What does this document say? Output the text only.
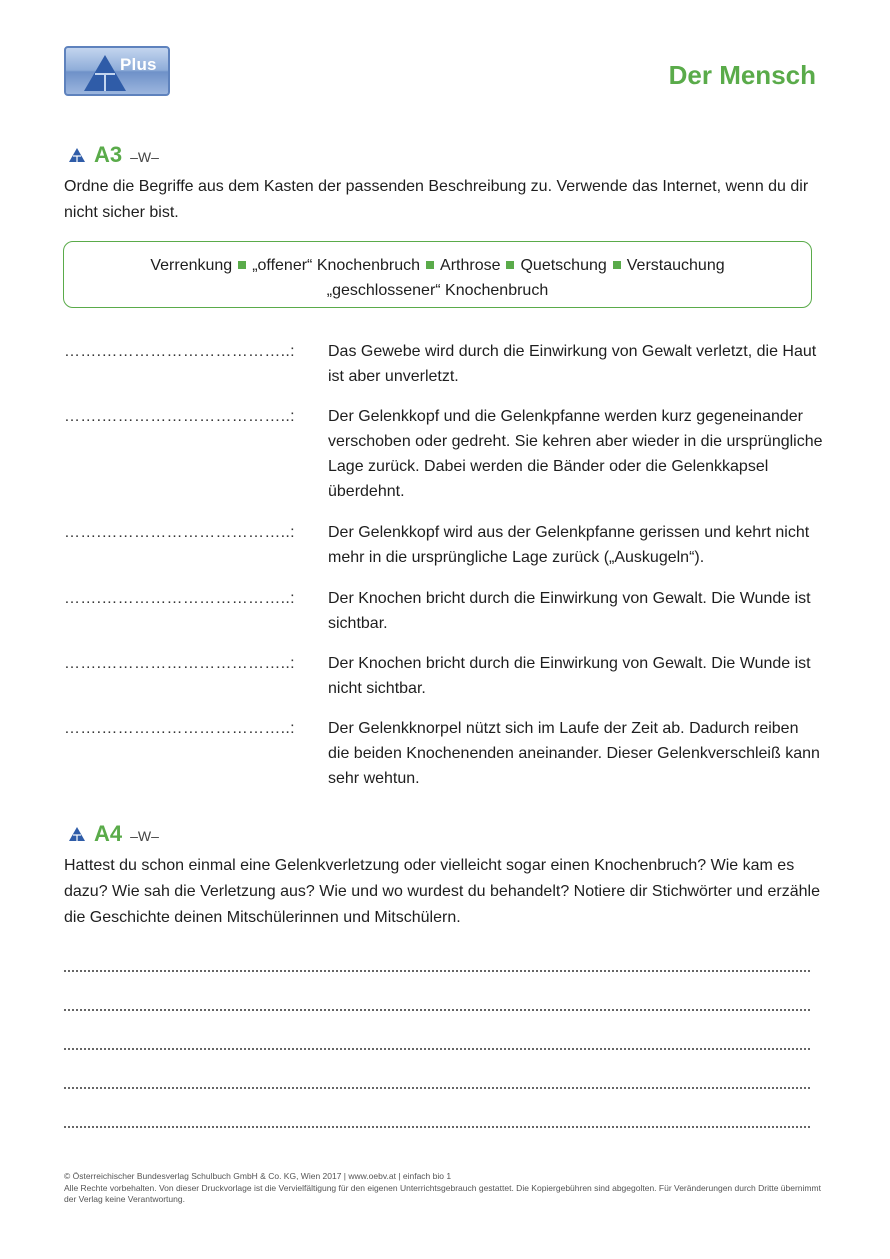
Plus	Der Mensch
A3 –W–

Ordne die Begriffe aus dem Kasten der passenden Beschreibung zu. Verwende das Internet, wenn du dir nicht sicher bist.

Verrenkung „offener“ Knochenbruch Arthrose Quetschung Verstauchung
„geschlossener“ Knochenbruch
…….……………………………..: Das Gewebe wird durch die Einwirkung von Gewalt verletzt, die Haut ist aber unverletzt.
…….……………………………..: Der Gelenkkopf und die Gelenkpfanne werden kurz gegeneinander verschoben oder gedreht. Sie kehren aber wieder in die ursprüngliche Lage zurück. Dabei werden die Bänder oder die Gelenkkapsel überdehnt.
…….……………………………..: Der Gelenkkopf wird aus der Gelenkpfanne gerissen und kehrt nicht mehr in die ursprüngliche Lage zurück („Auskugeln“).
…….……………………………..: Der Knochen bricht durch die Einwirkung von Gewalt. Die Wunde ist sichtbar.
…….……………………………..: Der Knochen bricht durch die Einwirkung von Gewalt. Die Wunde ist nicht sichtbar.
…….……………………………..: Der Gelenkknorpel nützt sich im Laufe der Zeit ab. Dadurch reiben die beiden Knochenenden aneinander. Dieser Gelenkverschleiß kann sehr wehtun.
A4 –W–

Hattest du schon einmal eine Gelenkverletzung oder vielleicht sogar einen Knochenbruch? Wie kam es dazu? Wie sah die Verletzung aus? Wie und wo wurdest du behandelt? Notiere dir Stichwörter und erzähle die Geschichte deinen Mitschülerinnen und Mitschülern.

© Österreichischer Bundesverlag Schulbuch GmbH & Co. KG, Wien 2017 | www.oebv.at | einfach bio 1
Alle Rechte vorbehalten. Von dieser Druckvorlage ist die Vervielfältigung für den eigenen Unterrichtsgebrauch gestattet. Die Kopiergebühren sind abgegolten. Für Veränderungen durch Dritte übernimmt der Verlag keine Verantwortung.
